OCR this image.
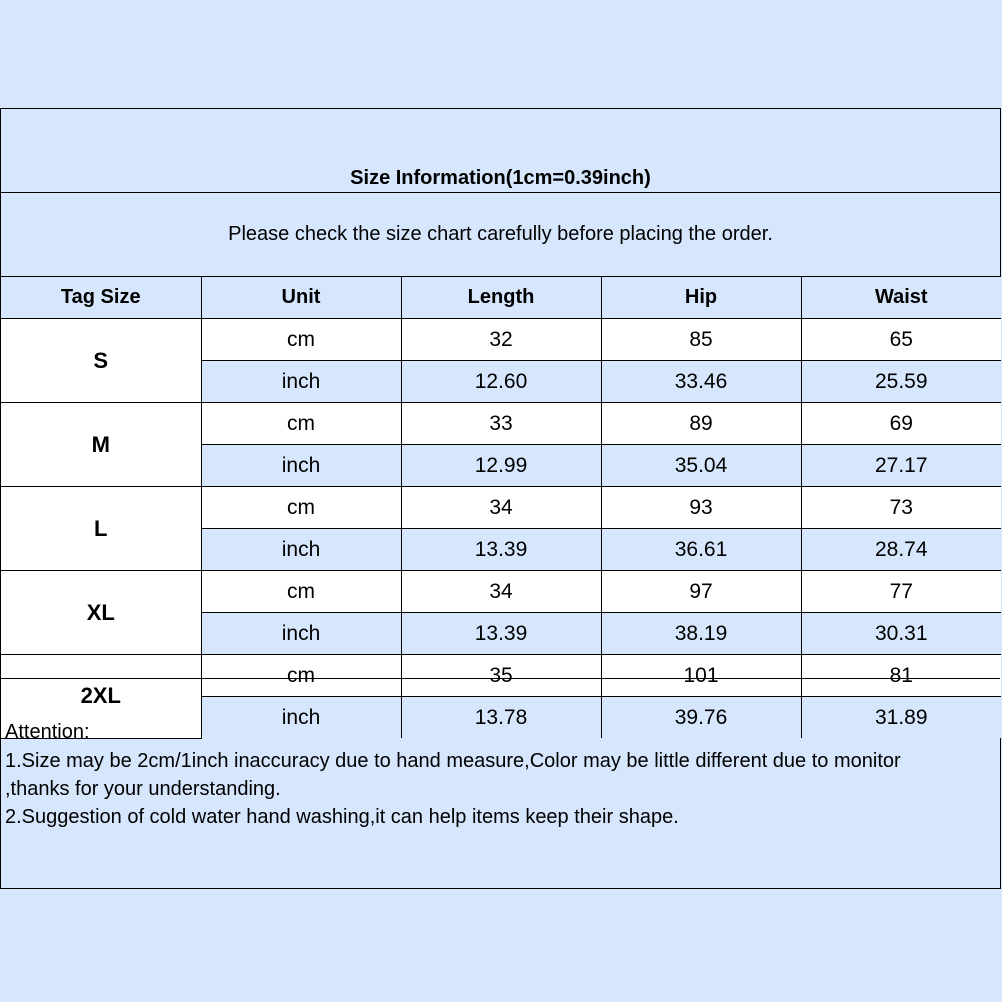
Size Information(1cm=0.39inch)
Please check the size chart carefully before placing the order.
Tag Size	Unit	Length	Hip	Waist
S	cm	32	85	65
	inch	12.60	33.46	25.59
M	cm	33	89	69
	inch	12.99	35.04	27.17
L	cm	34	93	73
	inch	13.39	36.61	28.74
XL	cm	34	97	77
	inch	13.39	38.19	30.31
2XL	cm	35	101	81
	inch	13.78	39.76	31.89
Attention:
1.Size may be 2cm/1inch inaccuracy due to hand measure,Color may be little different due to monitor
,thanks for your understanding.
2.Suggestion of cold water hand washing,it can help items keep their shape.
